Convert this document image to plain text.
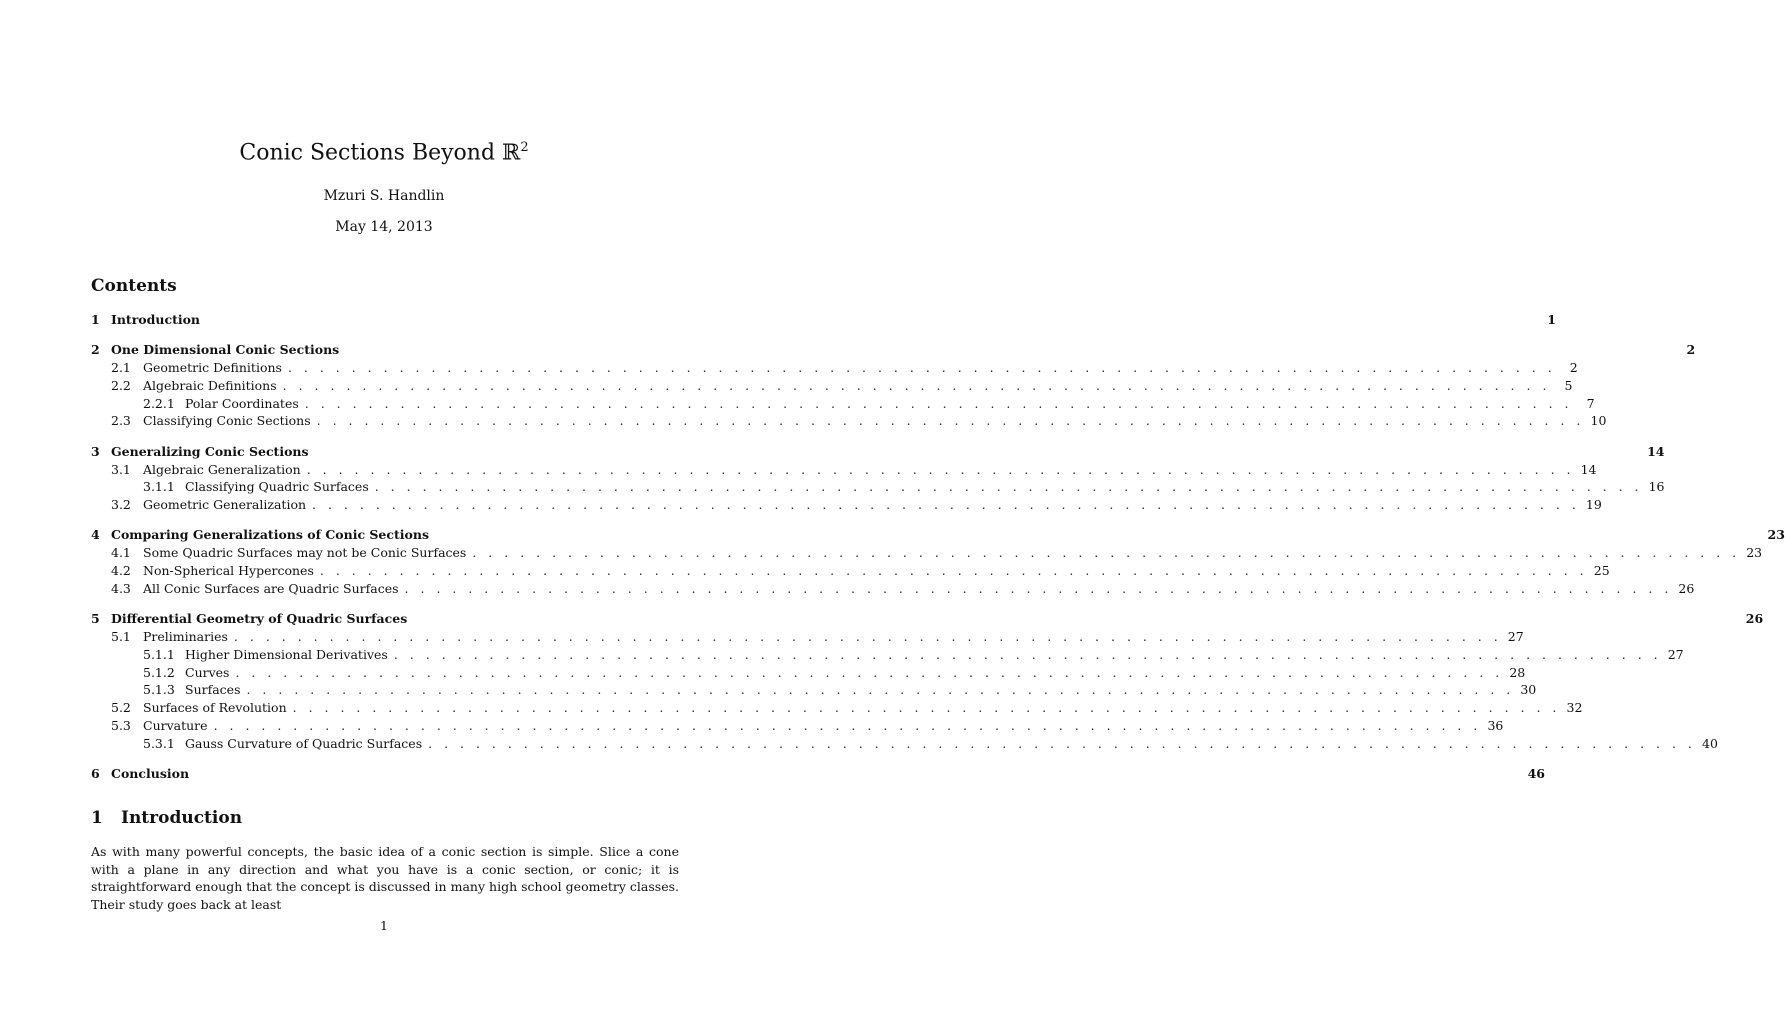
Conic Sections Beyond ℝ$^2$
Mzuri S. Handlin
May 14, 2013
Contents
1 Introduction	1
2 One Dimensional Conic Sections	2
2.1 Geometric Definitions . . . . . . . . . . . . . . . . . . . . . . . . . . . . . . . . . . . . . . . . . . . . . . . . . . . . . . . . . . . . . . . . . . . . . . . . . . . . . . . .	2
2.2 Algebraic Definitions . . . . . . . . . . . . . . . . . . . . . . . . . . . . . . . . . . . . . . . . . . . . . . . . . . . . . . . . . . . . . . . . . . . . . . . . . . . . . . . .	5
2.2.1 Polar Coordinates . . . . . . . . . . . . . . . . . . . . . . . . . . . . . . . . . . . . . . . . . . . . . . . . . . . . . . . . . . . . . . . . . . . . . . . . . . . . . . . .	7
2.3 Classifying Conic Sections . . . . . . . . . . . . . . . . . . . . . . . . . . . . . . . . . . . . . . . . . . . . . . . . . . . . . . . . . . . . . . . . . . . . . . . . . . . . . . . . 10
3 Generalizing Conic Sections	14
3.1 Algebraic Generalization . . . . . . . . . . . . . . . . . . . . . . . . . . . . . . . . . . . . . . . . . . . . . . . . . . . . . . . . . . . . . . . . . . . . . . . . . . . . . . . . 14
3.1.1 Classifying Quadric Surfaces . . . . . . . . . . . . . . . . . . . . . . . . . . . . . . . . . . . . . . . . . . . . . . . . . . . . . . . . . . . . . . . . . . . . . . . . . . . . . . . . 16
3.2 Geometric Generalization . . . . . . . . . . . . . . . . . . . . . . . . . . . . . . . . . . . . . . . . . . . . . . . . . . . . . . . . . . . . . . . . . . . . . . . . . . . . . . . . 19
4 Comparing Generalizations of Conic Sections	23
4.1 Some Quadric Surfaces may not be Conic Surfaces . . . . . . . . . . . . . . . . . . . . . . . . . . . . . . . . . . . . . . . . . . . . . . . . . . . . . . . . . . . . . . . . . . . . . . . . . . . . . . . . 23
4.2 Non-Spherical Hypercones . . . . . . . . . . . . . . . . . . . . . . . . . . . . . . . . . . . . . . . . . . . . . . . . . . . . . . . . . . . . . . . . . . . . . . . . . . . . . . . . 25
4.3 All Conic Surfaces are Quadric Surfaces . . . . . . . . . . . . . . . . . . . . . . . . . . . . . . . . . . . . . . . . . . . . . . . . . . . . . . . . . . . . . . . . . . . . . . . . . . . . . . . . 26
5 Differential Geometry of Quadric Surfaces	26
5.1 Preliminaries . . . . . . . . . . . . . . . . . . . . . . . . . . . . . . . . . . . . . . . . . . . . . . . . . . . . . . . . . . . . . . . . . . . . . . . . . . . . . . . . 27
5.1.1 Higher Dimensional Derivatives . . . . . . . . . . . . . . . . . . . . . . . . . . . . . . . . . . . . . . . . . . . . . . . . . . . . . . . . . . . . . . . . . . . . . . . . . . . . . . . . 27
5.1.2 Curves . . . . . . . . . . . . . . . . . . . . . . . . . . . . . . . . . . . . . . . . . . . . . . . . . . . . . . . . . . . . . . . . . . . . . . . . . . . . . . . . 28
5.1.3 Surfaces . . . . . . . . . . . . . . . . . . . . . . . . . . . . . . . . . . . . . . . . . . . . . . . . . . . . . . . . . . . . . . . . . . . . . . . . . . . . . . . . 30
5.2 Surfaces of Revolution . . . . . . . . . . . . . . . . . . . . . . . . . . . . . . . . . . . . . . . . . . . . . . . . . . . . . . . . . . . . . . . . . . . . . . . . . . . . . . . . 32
5.3 Curvature . . . . . . . . . . . . . . . . . . . . . . . . . . . . . . . . . . . . . . . . . . . . . . . . . . . . . . . . . . . . . . . . . . . . . . . . . . . . . . . . 36
5.3.1 Gauss Curvature of Quadric Surfaces . . . . . . . . . . . . . . . . . . . . . . . . . . . . . . . . . . . . . . . . . . . . . . . . . . . . . . . . . . . . . . . . . . . . . . . . . . . . . . . . 40
6 Conclusion	46
1 Introduction
As with many powerful concepts, the basic idea of a conic section is simple. Slice a cone with a plane in any direction and what you have is a conic section, or conic; it is straightforward enough that the concept is discussed in many high school geometry classes. Their study goes back at least
1
